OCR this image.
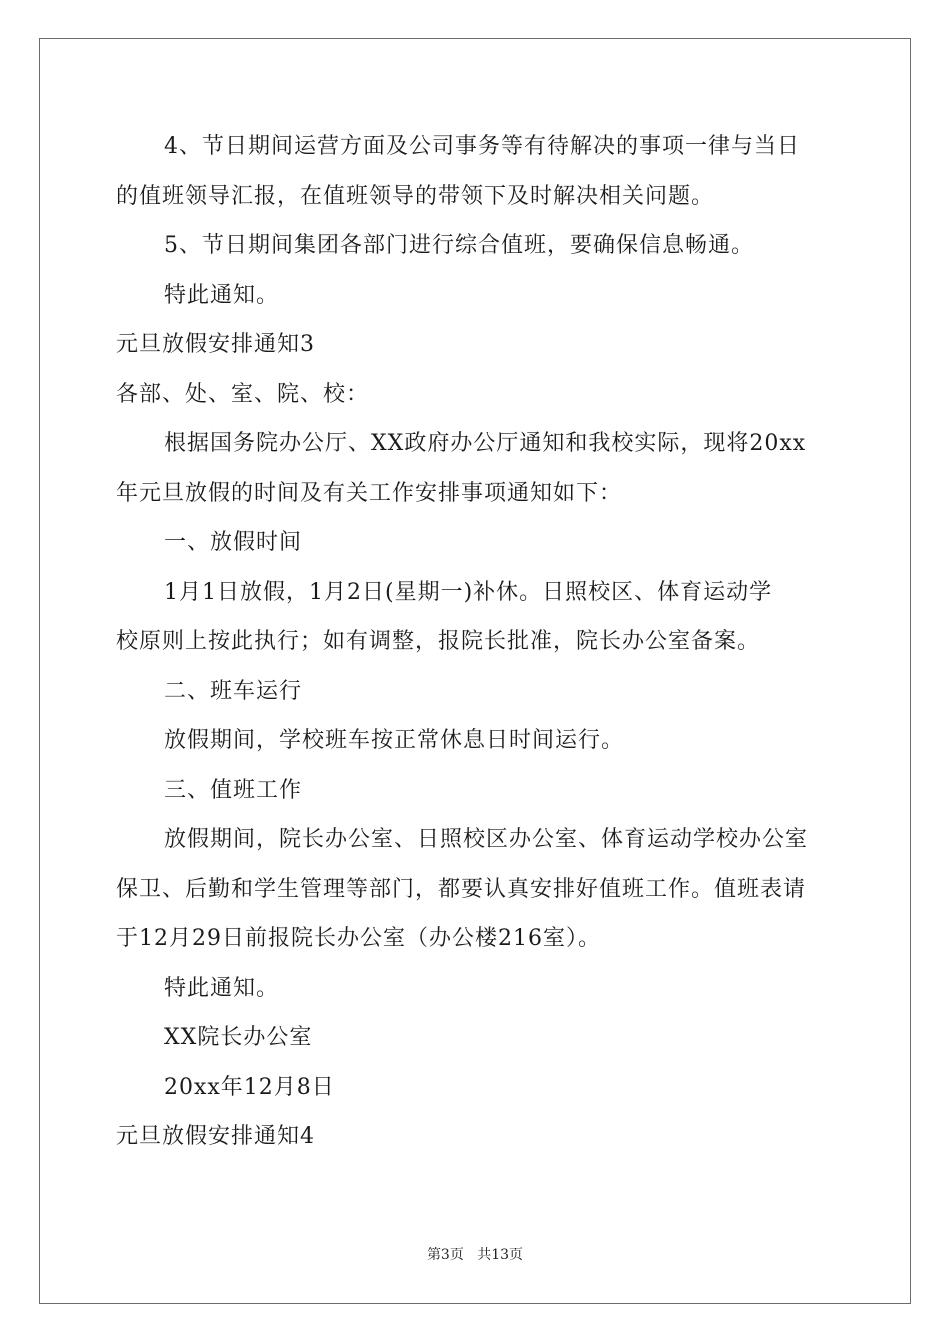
4、节日期间运营方面及公司事务等有待解决的事项一律与当日
的值班领导汇报，在值班领导的带领下及时解决相关问题。
5、节日期间集团各部门进行综合值班，要确保信息畅通。
特此通知。
元旦放假安排通知3
各部、处、室、院、校：
根据国务院办公厅、XX政府办公厅通知和我校实际，现将20xx
年元旦放假的时间及有关工作安排事项通知如下：
一、放假时间
1月1日放假，1月2日(星期一)补休。日照校区、体育运动学
校原则上按此执行；如有调整，报院长批准，院长办公室备案。
二、班车运行
放假期间，学校班车按正常休息日时间运行。
三、值班工作
放假期间，院长办公室、日照校区办公室、体育运动学校办公室
保卫、后勤和学生管理等部门，都要认真安排好值班工作。值班表请
于12月29日前报院长办公室（办公楼216室）。
特此通知。
XX院长办公室
20xx年12月8日
元旦放假安排通知4
第3页 共13页
